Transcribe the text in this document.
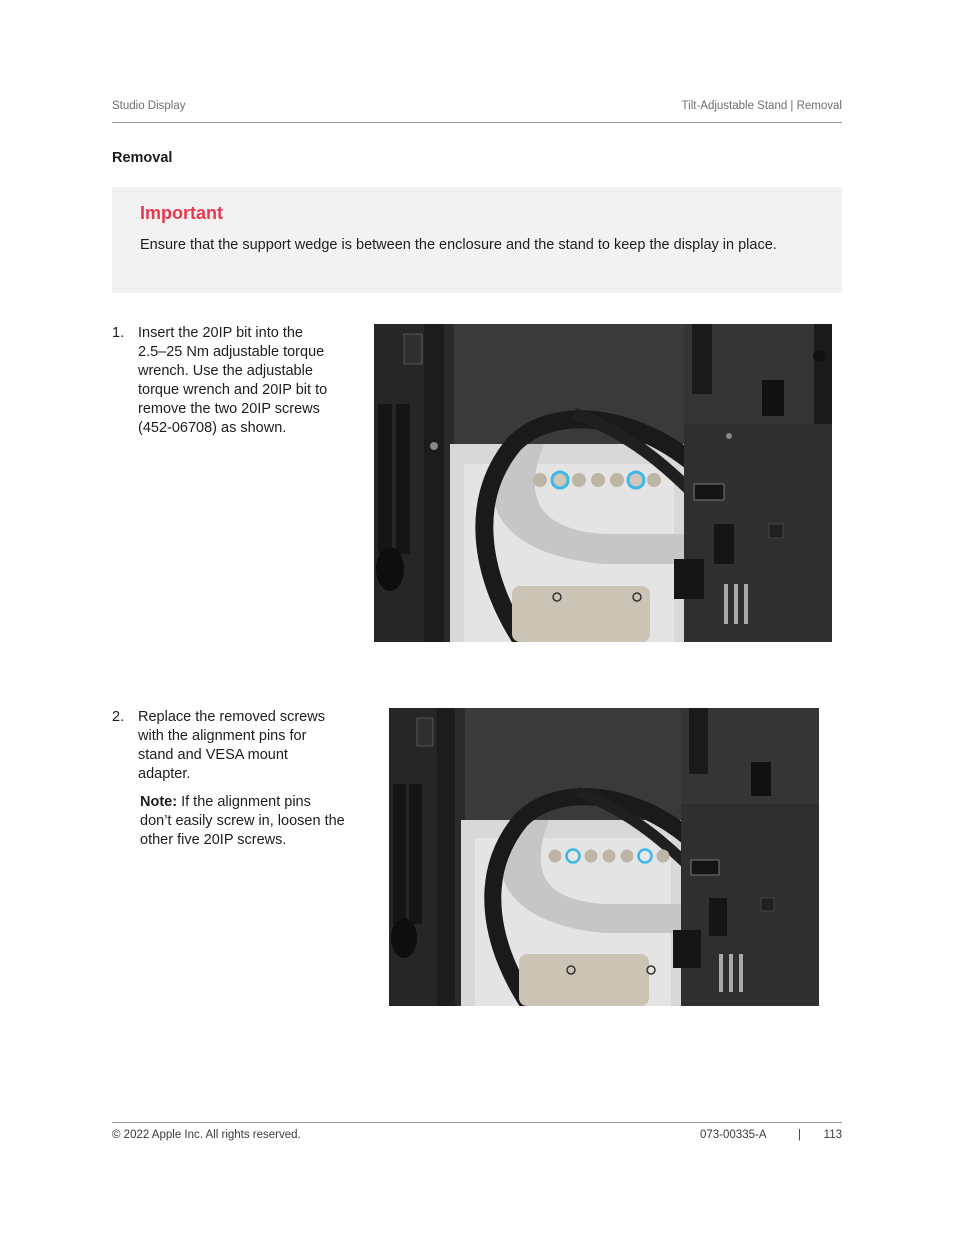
Studio Display	Tilt-Adjustable Stand | Removal
Removal
Important
Ensure that the support wedge is between the enclosure and the stand to keep the display in place.
1. Insert the 20IP bit into the 2.5–25 Nm adjustable torque wrench. Use the adjustable torque wrench and 20IP bit to remove the two 20IP screws (452-06708) as shown.
2. Replace the removed screws with the alignment pins for stand and VESA mount adapter.
Note: If the alignment pins don’t easily screw in, loosen the other five 20IP screws.
© 2022 Apple Inc. All rights reserved.	073-00335-A	| 113
